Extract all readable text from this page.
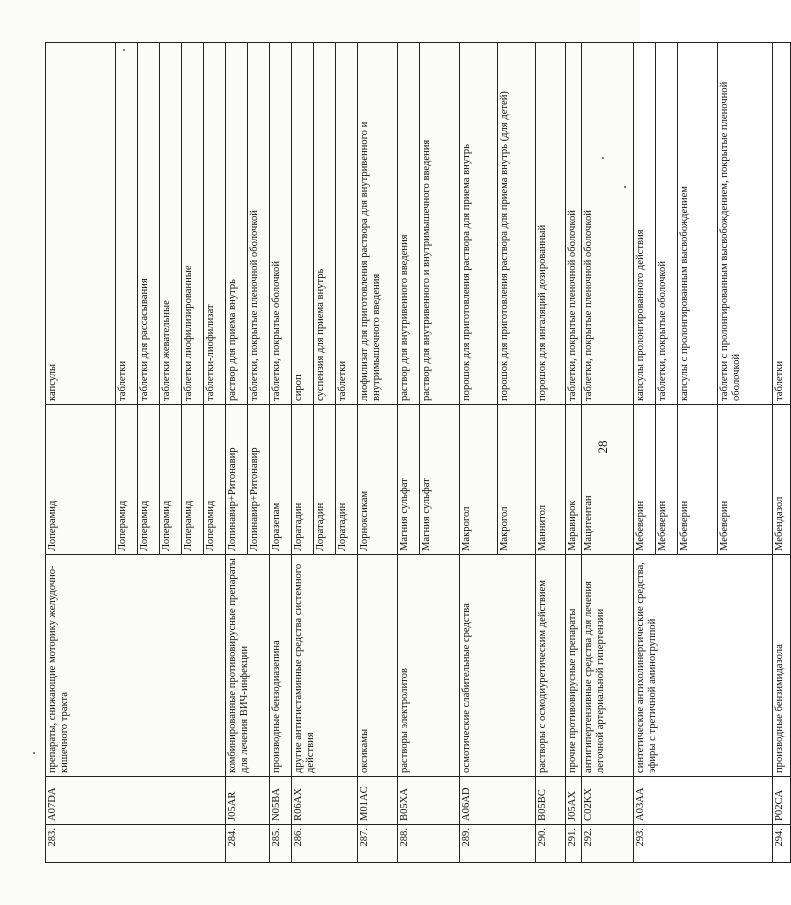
28
283.	A07DA	препараты, снижающие моторику желудочно-кишечного тракта	Лоперамид	капсулы
			Лоперамид	таблетки
			Лоперамид	таблетки для рассасывания
			Лоперамид	таблетки жевательные
			Лоперамид	таблетки лиофилизированные
			Лоперамид	таблетки-лиофилизат
284.	J05AR	комбинированные противовирусные препараты для лечения ВИЧ-инфекции	Лопинавир+Ритонавир	раствор для приема внутрь
			Лопинавир+Ритонавир	таблетки, покрытые пленочной оболочкой
285.	N05BA	производные бензодиазепина	Лоразепам	таблетки, покрытые оболочкой
286.	R06AX	другие антигистаминные средства системного действия	Лоратадин	сироп
			Лоратадин	суспензия для приема внутрь
			Лоратадин	таблетки
287.	M01AC	оксикамы	Лорноксикам	лиофилизат для приготовления раствора для внутривенного и внутримышечного введения
288.	B05XA	растворы электролитов	Магния сульфат	раствор для внутривенного введения
			Магния сульфат	раствор для внутривенного и внутримышечного введения
289.	A06AD	осмотические слабительные средства	Макрогол	порошок для приготовления раствора для приема внутрь
			Макрогол	порошок для приготовления раствора для приема внутрь (для детей)
290.	B05BC	растворы с осмодиуретическим действием	Маннитол	порошок для ингаляций дозированный
291.	J05AX	прочие противовирусные препараты	Маравирок	таблетки, покрытые пленочной оболочкой
292.	C02KX	антигипертензивные средства для лечения легочной артериальной гипертензии	Мацитентан	таблетки, покрытые пленочной оболочкой
293.	A03AA	синтетические антихолинергические средства, эфиры с третичной аминогруппой	Мебеверин	капсулы пролонгированного действия
			Мебеверин	таблетки, покрытые оболочкой
			Мебеверин	капсулы с пролонгированным высвобождением
			Мебеверин	таблетки с пролонгированным высвобождением, покрытые пленочной оболочкой
294.	P02CA	производные бензимидазола	Мебендазол	таблетки
